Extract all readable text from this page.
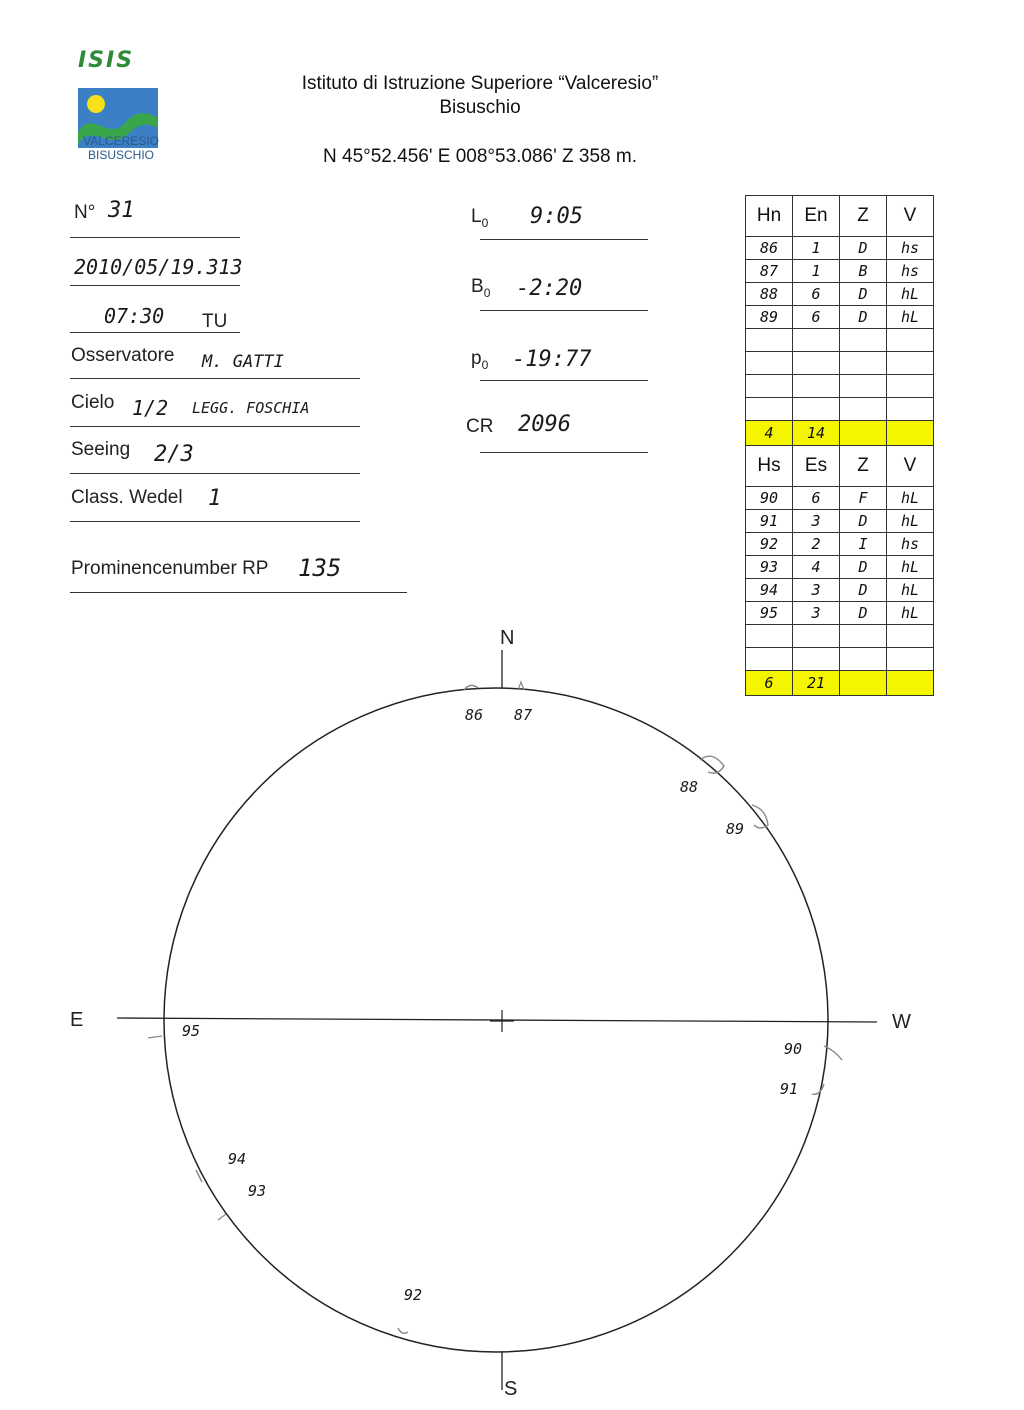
ISIS
VALCERESIO
BISUSCHIO
Istituto di Istruzione Superiore “Valceresio”
Bisuschio
N 45°52.456' E 008°53.086' Z 358 m.
N° 31
2010/05/19.313
07:30 TU
Osservatore M. GATTI
Cielo 1/2 LEGG. FOSCHIA
Seeing 2/3
Class. Wedel 1
Prominencenumber RP 135
$L_0$ 9:05
$B_0$ -2:20
$p_0$ -19:77
CR 2096
Hn	En	Z	V
86	1	D	hs
87	1	B	hs
88	6	D	hL
89	6	D	hL

4	14		
Hs	Es	Z	V
90	6	F	hL
91	3	D	hL
92	2	I	hs
93	4	D	hL
94	3	D	hL
95	3	D	hL

6	21		
N
S
E	W
86 87
88
89
90
91
92
93
94
95
